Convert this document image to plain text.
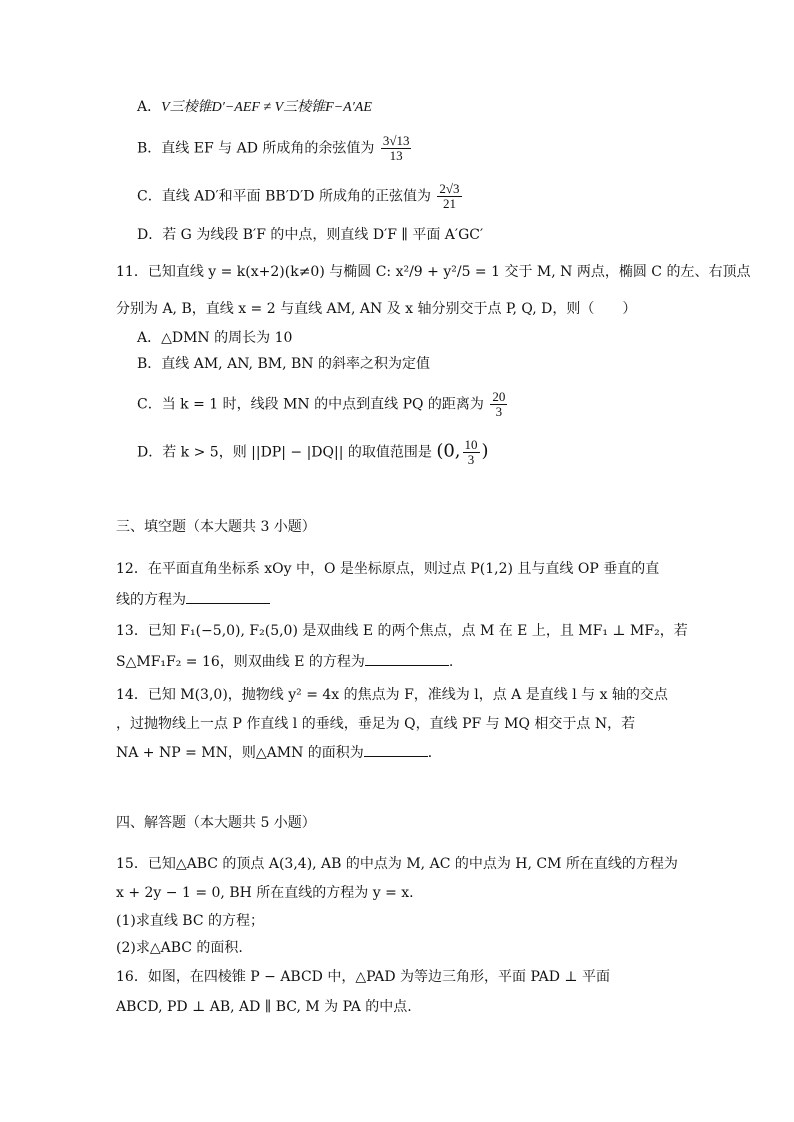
A．V三棱锥D′−AEF ≠ V三棱锥F−A′AE
B．直线 EF 与 AD 所成角的余弦值为 $\frac{3√13}{13}$
C．直线 AD′和平面 BB′D′D 所成角的正弦值为 $\frac{2√3}{21}$
D．若 G 为线段 B′F 的中点，则直线 D′F ∥ 平面 A′GC′
11．已知直线 y = k(x+2)(k≠0) 与椭圆 C: x²/9 + y²/5 = 1 交于 M, N 两点，椭圆 C 的左、右顶点
分别为 A, B，直线 x = 2 与直线 AM, AN 及 x 轴分别交于点 P, Q, D，则（　　）
A．△DMN 的周长为 10
B．直线 AM, AN, BM, BN 的斜率之积为定值
C．当 k = 1 时，线段 MN 的中点到直线 PQ 的距离为 $\frac{20}{3}$
D．若 k > 5，则 ||DP| − |DQ|| 的取值范围是 (0, $\frac{10}{3}$ )
三、填空题（本大题共 3 小题）
12．在平面直角坐标系 xOy 中，O 是坐标原点，则过点 P(1,2) 且与直线 OP 垂直的直
线的方程为
13．已知 F₁(−5,0), F₂(5,0) 是双曲线 E 的两个焦点，点 M 在 E 上，且 MF₁ ⊥ MF₂，若
S△MF₁F₂ = 16，则双曲线 E 的方程为	.
14．已知 M(3,0)，抛物线 y² = 4x 的焦点为 F，准线为 l，点 A 是直线 l 与 x 轴的交点
，过抛物线上一点 P 作直线 l 的垂线，垂足为 Q，直线 PF 与 MQ 相交于点 N，若
NA + NP = MN，则△AMN 的面积为	．
四、解答题（本大题共 5 小题）
15．已知△ABC 的顶点 A(3,4), AB 的中点为 M, AC 的中点为 H, CM 所在直线的方程为
x + 2y − 1 = 0, BH 所在直线的方程为 y = x.
(1)求直线 BC 的方程；
(2)求△ABC 的面积.
16．如图，在四棱锥 P − ABCD 中，△PAD 为等边三角形，平面 PAD ⊥ 平面
ABCD, PD ⊥ AB, AD ∥ BC, M 为 PA 的中点.
